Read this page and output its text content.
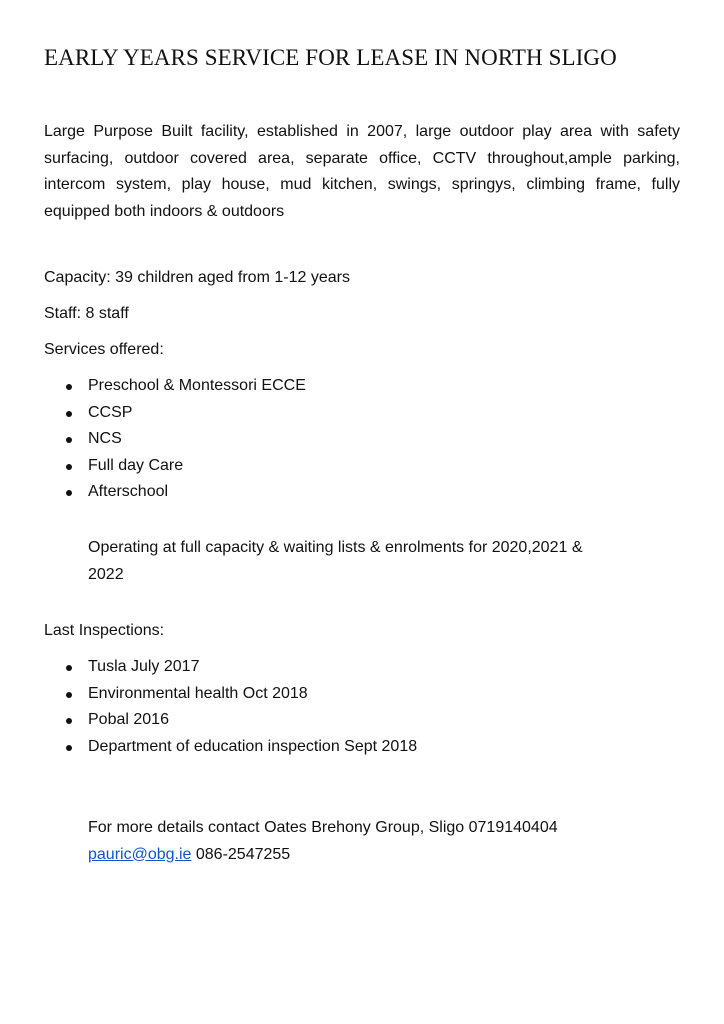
EARLY YEARS SERVICE FOR LEASE IN NORTH SLIGO
Large Purpose Built facility, established in 2007, large outdoor play area with safety surfacing, outdoor covered area, separate office, CCTV throughout,ample parking, intercom system, play house, mud kitchen, swings, springys, climbing frame, fully equipped both indoors & outdoors
Capacity: 39 children aged from 1-12 years
Staff: 8 staff
Services offered:
Preschool & Montessori ECCE
CCSP
NCS
Full day Care
Afterschool
Operating at full capacity & waiting lists & enrolments for 2020,2021 &
2022
Last Inspections:
Tusla July 2017
Environmental health Oct 2018
Pobal 2016
Department of education inspection Sept 2018
For more details contact Oates Brehony Group, Sligo 0719140404
pauric@obg.ie 086-2547255
